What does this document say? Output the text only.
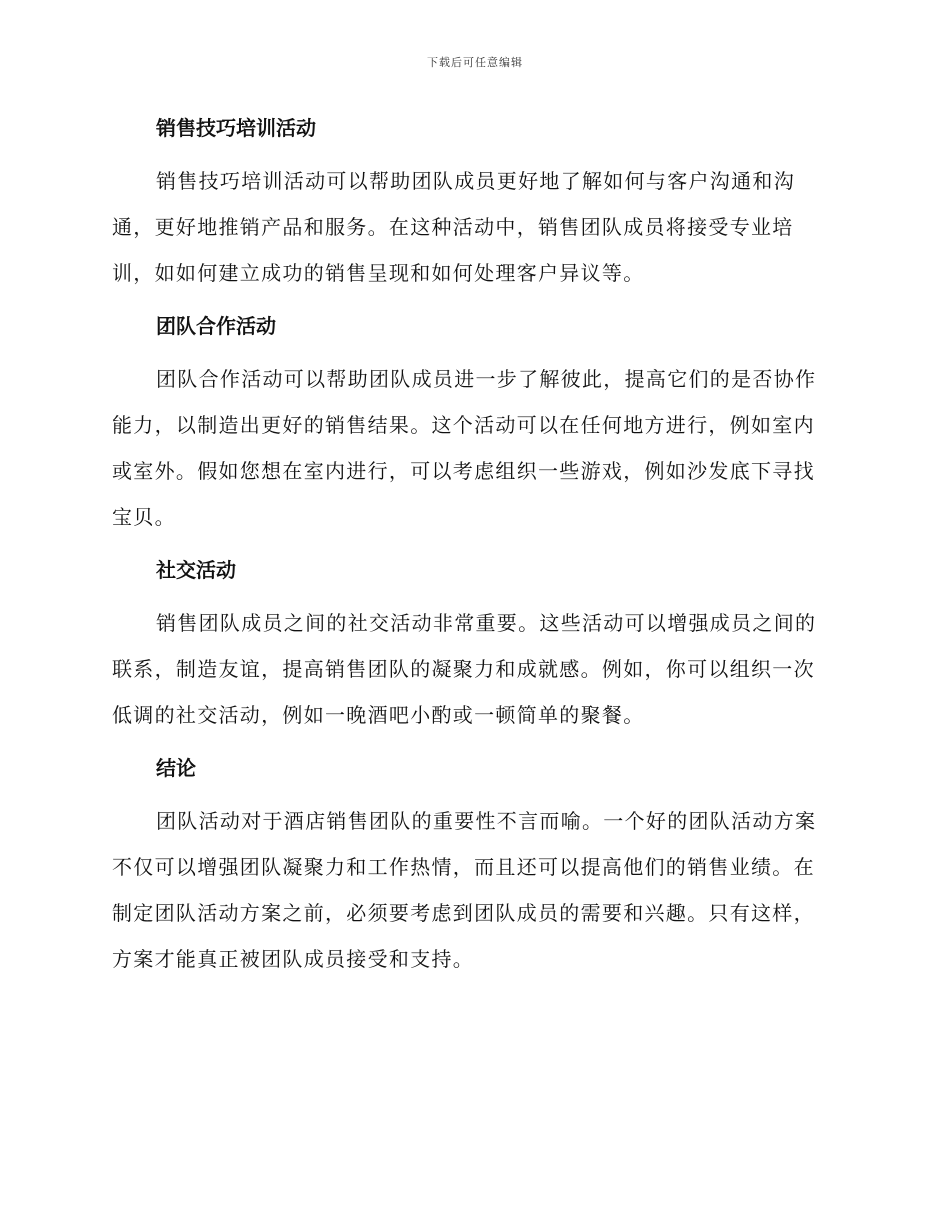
下载后可任意编辑
销售技巧培训活动

销售技巧培训活动可以帮助团队成员更好地了解如何与客户沟通和沟通，更好地推销产品和服务。在这种活动中，销售团队成员将接受专业培训，如如何建立成功的销售呈现和如何处理客户异议等。

团队合作活动

团队合作活动可以帮助团队成员进一步了解彼此，提高它们的是否协作能力，以制造出更好的销售结果。这个活动可以在任何地方进行，例如室内或室外。假如您想在室内进行，可以考虑组织一些游戏，例如沙发底下寻找宝贝。

社交活动

销售团队成员之间的社交活动非常重要。这些活动可以增强成员之间的联系，制造友谊，提高销售团队的凝聚力和成就感。例如，你可以组织一次低调的社交活动，例如一晚酒吧小酌或一顿简单的聚餐。

结论

团队活动对于酒店销售团队的重要性不言而喻。一个好的团队活动方案不仅可以增强团队凝聚力和工作热情，而且还可以提高他们的销售业绩。在制定团队活动方案之前，必须要考虑到团队成员的需要和兴趣。只有这样，方案才能真正被团队成员接受和支持。
